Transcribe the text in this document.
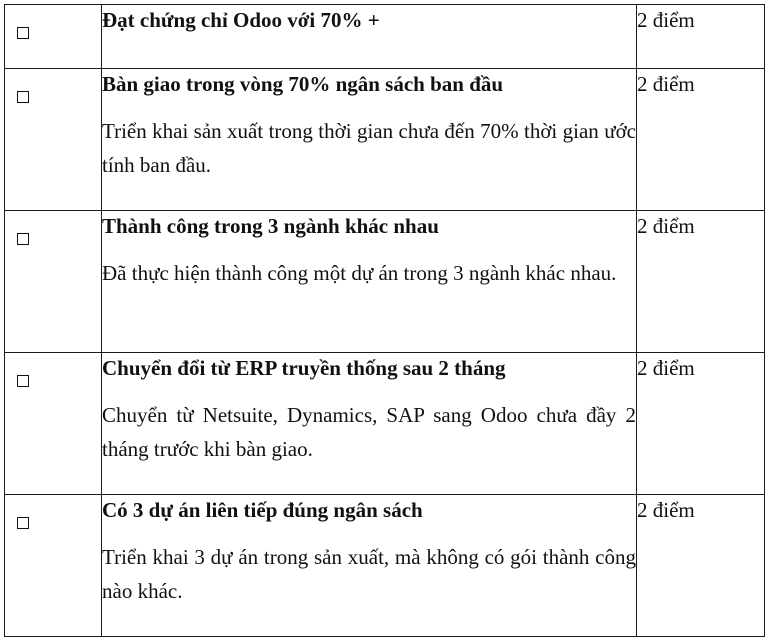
	Đạt chứng chỉ Odoo với 70% +	2 điểm

	Bàn giao trong vòng 70% ngân sách ban đầu

Triển khai sản xuất trong thời gian chưa đến 70% thời gian ước tính ban đầu.	2 điểm

	Thành công trong 3 ngành khác nhau

Đã thực hiện thành công một dự án trong 3 ngành khác nhau.	2 điểm

	Chuyển đổi từ ERP truyền thống sau 2 tháng

Chuyển từ Netsuite, Dynamics, SAP sang Odoo chưa đầy 2 tháng trước khi bàn giao.	2 điểm

	Có 3 dự án liên tiếp đúng ngân sách

Triển khai 3 dự án trong sản xuất, mà không có gói thành công nào khác.	2 điểm
